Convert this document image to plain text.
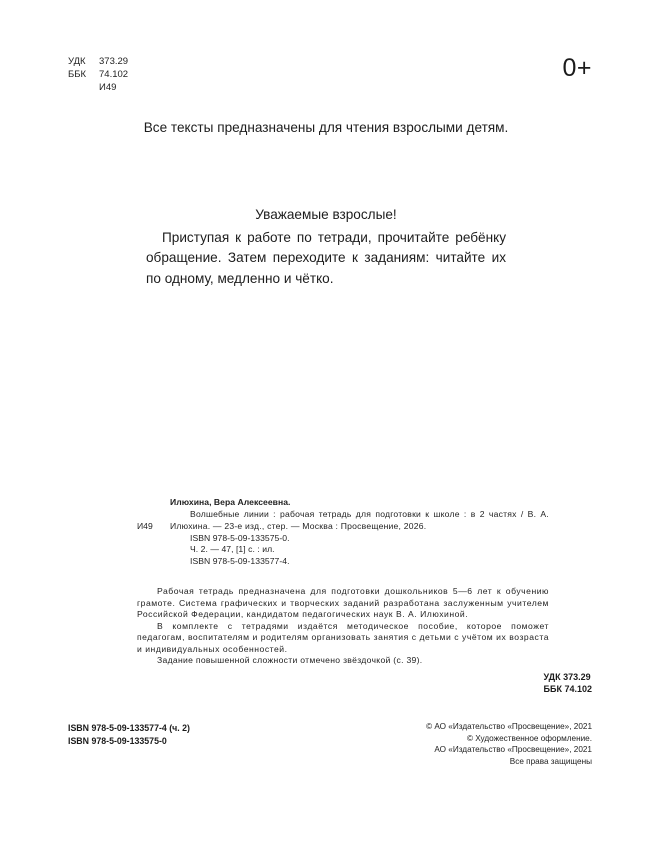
УДК	373.29
ББК	74.102
И49
0+
Все тексты предназначены для чтения взрослыми детям.
Уважаемые взрослые!
Приступая к работе по тетради, прочитайте ребёнку обращение. Затем переходите к заданиям: читайте их по одному, медленно и чётко.
Илюхина, Вера Алексеевна.
И49
Волшебные линии : рабочая тетрадь для подготовки к школе : в 2 частях / В. А. Илюхина. — 23-е изд., стер. — Москва : Просвещение, 2026.
ISBN 978-5-09-133575-0.
Ч. 2. — 47, [1] с. : ил.
ISBN 978-5-09-133577-4.

Рабочая тетрадь предназначена для подготовки дошкольников 5—6 лет к обучению грамоте. Система графических и творческих заданий разработана заслуженным учителем Российской Федерации, кандидатом педагогических наук В. А. Илюхиной.

В комплекте с тетрадями издаётся методическое пособие, которое поможет педагогам, воспитателям и родителям организовать занятия с детьми с учётом их возраста и индивидуальных особенностей.

Задание повышенной сложности отмечено звёздочкой (с. 39).

УДК 373.29
ББК 74.102
ISBN 978-5-09-133577-4 (ч. 2)
ISBN 978-5-09-133575-0
© АО «Издательство «Просвещение», 2021
© Художественное оформление.
АО «Издательство «Просвещение», 2021
Все права защищены
